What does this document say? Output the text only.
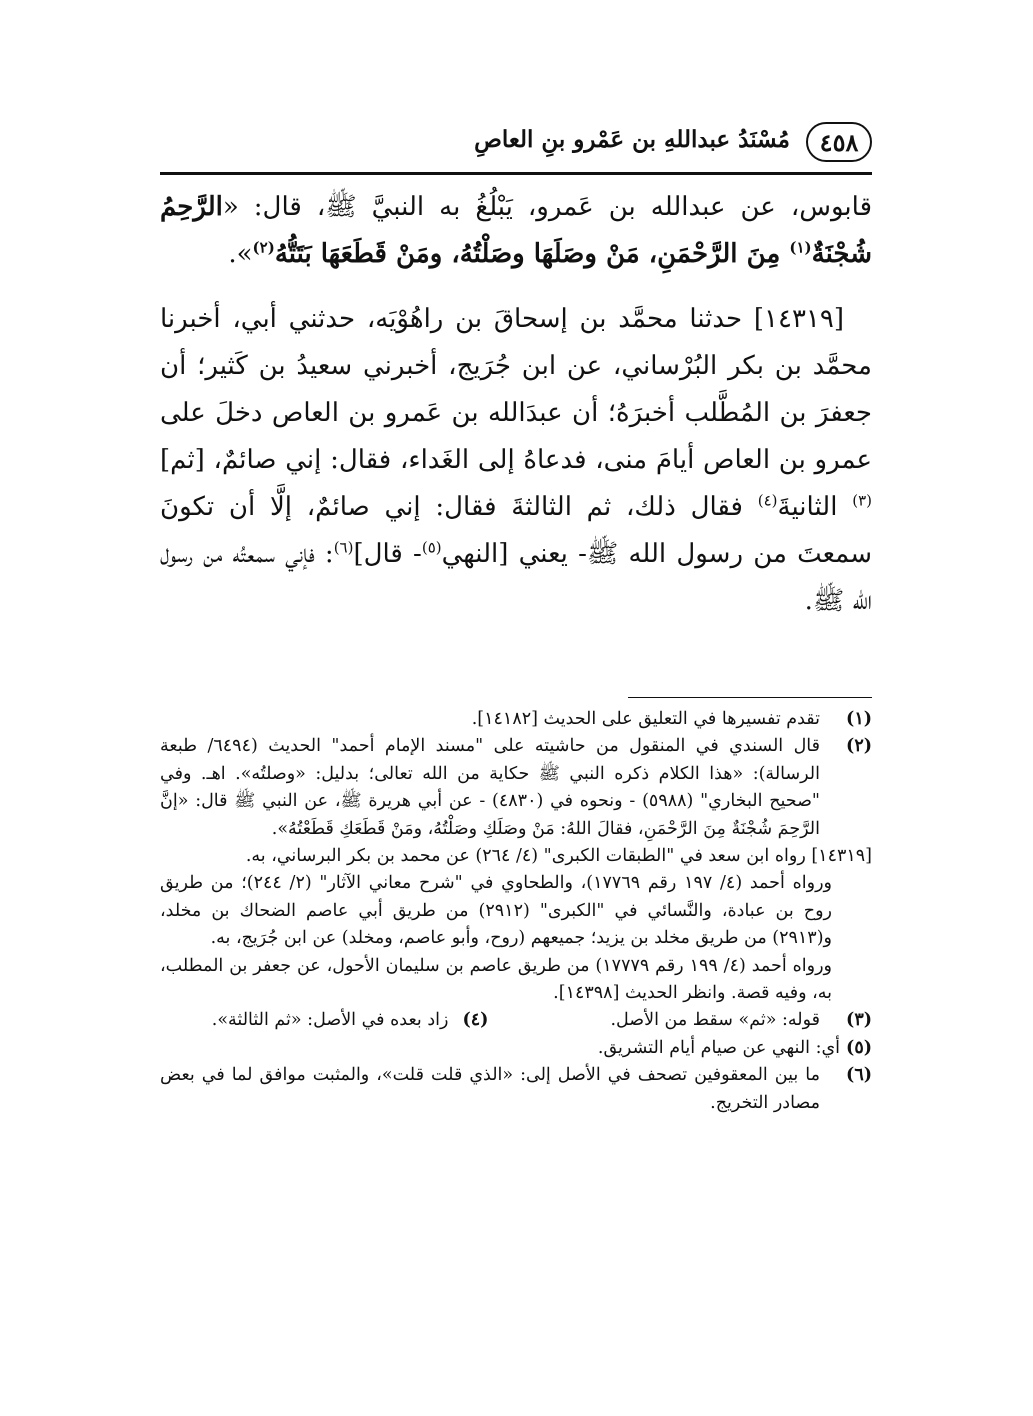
٤٥٨
مُسْنَدُ عبداللهِ بن عَمْرو بنِ العاصِ

قابوس، عن عبدالله بن عَمرو، يَبْلُغُ به النبيَّ ﷺ، قال: «الرَّحِمُ شُجْنَةٌ$^{(١)}$ مِنَ الرَّحْمَنِ، مَنْ وصَلَهَا وصَلْتُهُ، ومَنْ قَطَعَهَا بَتَتُّهُ$^{(٢)}$».

[١٤٣١٩] حدثنا محمَّد بن إسحاقَ بن راهُوْيَه، حدثني أبي، أخبرنا محمَّد بن بكر البُرْساني، عن ابن جُرَيج، أخبرني سعيدُ بن كَثير؛ أن جعفرَ بن المُطَّلب أخبرَهُ؛ أن عبدَالله بن عَمرو بن العاص دخلَ على عمرو بن العاص أيامَ منى، فدعاهُ إلى الغَداء، فقال: إني صائمٌ، [ثم]$^{(٣)}$ الثانيةَ$^{(٤)}$ فقال ذلك، ثم الثالثةَ فقال: إني صائمٌ، إلَّا أن تكونَ سمعتَ من رسول الله ﷺ- يعني [النهي$^{(٥)}$- قال]$^{(٦)}$: فإني سمعتُه من رسول الله ﷺ.

(١)
تقدم تفسيرها في التعليق على الحديث [١٤١٨٢].
(٢)
قال السندي في المنقول من حاشيته على "مسند الإمام أحمد" الحديث (٦٤٩٤/ طبعة الرسالة): «هذا الكلام ذكره النبي ﷺ حكاية من الله تعالى؛ بدليل: «وصلتُه». اهـ. وفي "صحيح البخاري" (٥٩٨٨) - ونحوه في (٤٨٣٠) - عن أبي هريرة ﷺ، عن النبي ﷺ قال: «إنَّ الرَّحِمَ شُجْنَةٌ مِنَ الرَّحْمَنِ، فقالَ اللهُ: مَنْ وصَلَكِ وصَلْتُهُ، ومَنْ قَطَعَكِ قَطَعْتُهُ».
[١٤٣١٩] رواه ابن سعد في "الطبقات الكبرى" (٤/ ٢٦٤) عن محمد بن بكر البرساني، به.
ورواه أحمد (٤/ ١٩٧ رقم ١٧٧٦٩)، والطحاوي في "شرح معاني الآثار" (٢/ ٢٤٤)؛ من طريق روح بن عبادة، والنَّسائي في "الكبرى" (٢٩١٢) من طريق أبي عاصم الضحاك بن مخلد، و(٢٩١٣) من طريق مخلد بن يزيد؛ جميعهم (روح، وأبو عاصم، ومخلد) عن ابن جُرَيج، به.
ورواه أحمد (٤/ ١٩٩ رقم ١٧٧٧٩) من طريق عاصم بن سليمان الأحول، عن جعفر بن المطلب، به، وفيه قصة. وانظر الحديث [١٤٣٩٨].
(٣)
قوله: «ثم» سقط من الأصل.
(٤)
زاد بعده في الأصل: «ثم الثالثة».
(٥)أي: النهي عن صيام أيام التشريق.
(٦)
ما بين المعقوفين تصحف في الأصل إلى: «الذي قلت قلت»، والمثبت موافق لما في بعض مصادر التخريج.
